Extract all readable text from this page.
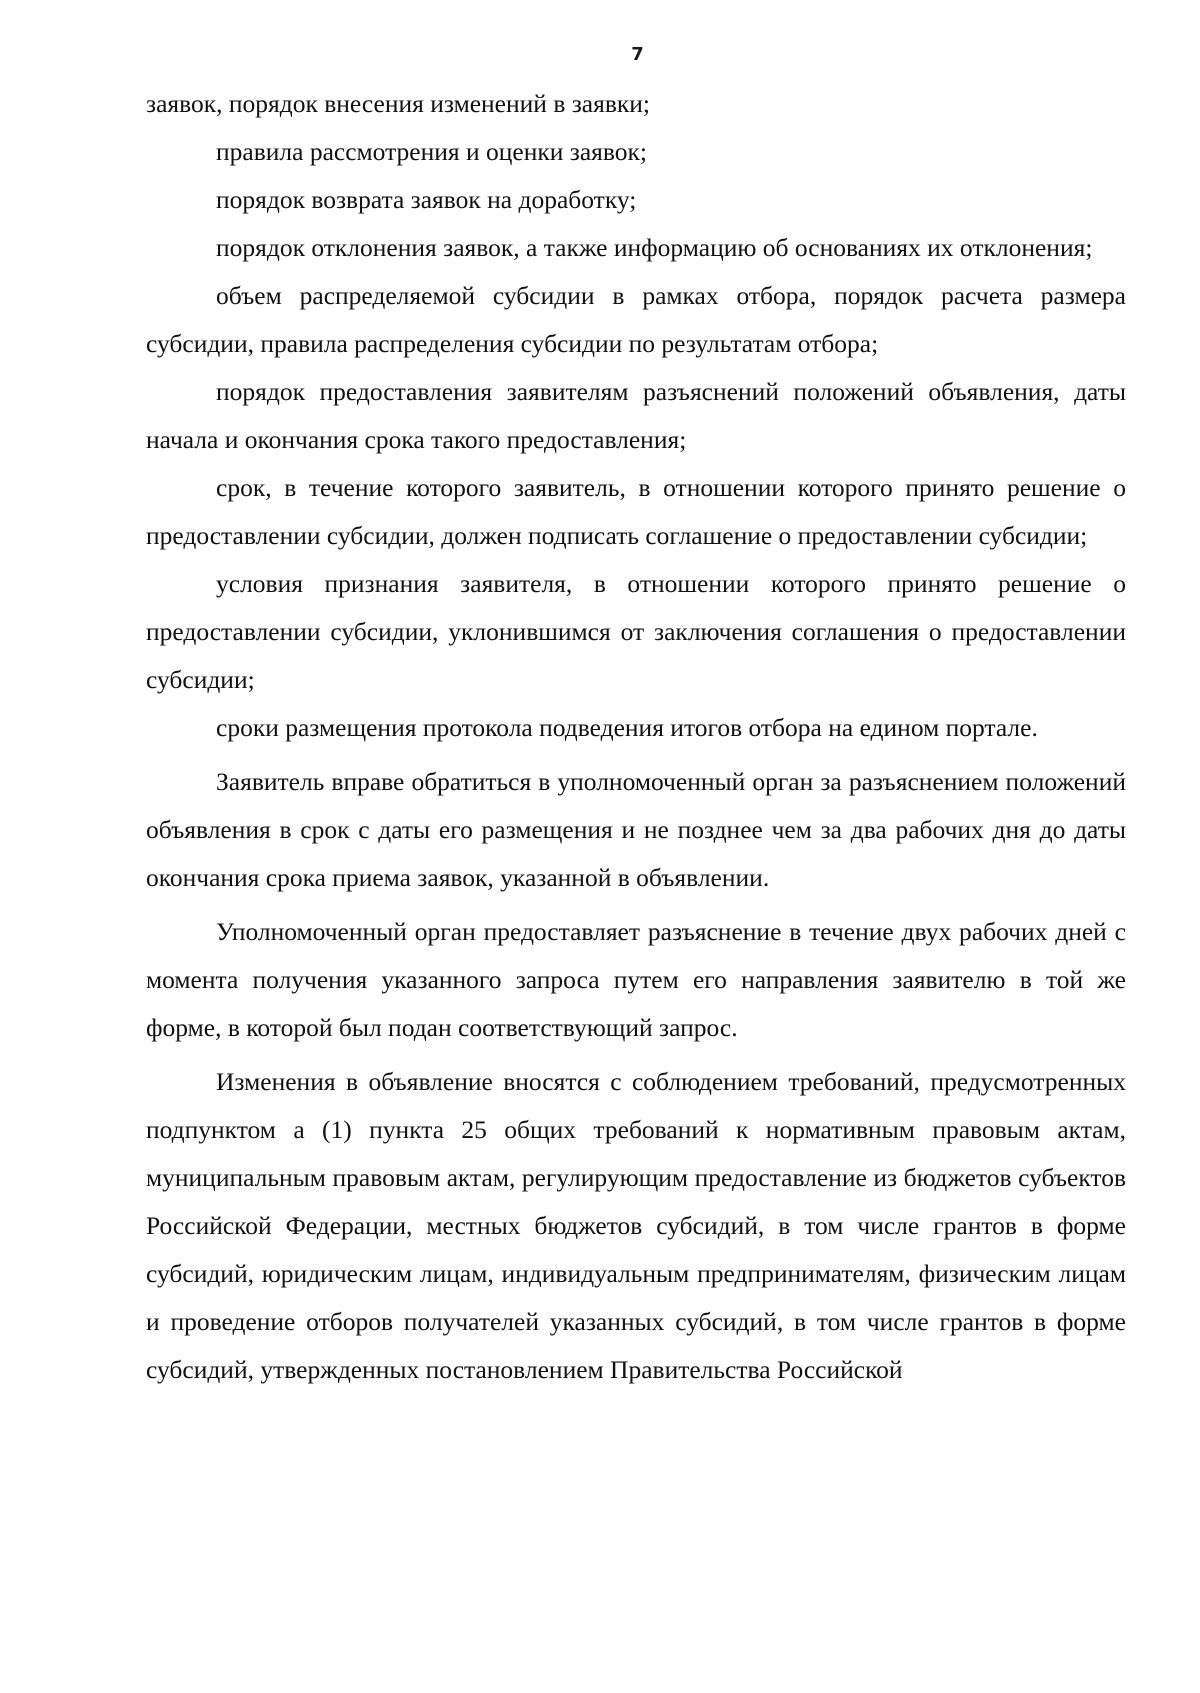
7

заявок, порядок внесения изменений в заявки;

правила рассмотрения и оценки заявок;

порядок возврата заявок на доработку;

порядок отклонения заявок, а также информацию об основаниях их отклонения;

объем распределяемой субсидии в рамках отбора, порядок расчета размера субсидии, правила распределения субсидии по результатам отбора;

порядок предоставления заявителям разъяснений положений объявления, даты начала и окончания срока такого предоставления;

срок, в течение которого заявитель, в отношении которого принято решение о предоставлении субсидии, должен подписать соглашение о предоставлении субсидии;

условия признания заявителя, в отношении которого принято решение о предоставлении субсидии, уклонившимся от заключения соглашения о предоставлении субсидии;

сроки размещения протокола подведения итогов отбора на едином портале.

Заявитель вправе обратиться в уполномоченный орган за разъяснением положений объявления в срок с даты его размещения и не позднее чем за два рабочих дня до даты окончания срока приема заявок, указанной в объявлении.

Уполномоченный орган предоставляет разъяснение в течение двух рабочих дней с момента получения указанного запроса путем его направления заявителю в той же форме, в которой был подан соответствующий запрос.

Изменения в объявление вносятся с соблюдением требований, предусмотренных подпунктом а (1) пункта 25 общих требований к нормативным правовым актам, муниципальным правовым актам, регулирующим предоставление из бюджетов субъектов Российской Федерации, местных бюджетов субсидий, в том числе грантов в форме субсидий, юридическим лицам, индивидуальным предпринимателям, физическим лицам и проведение отборов получателей указанных субсидий, в том числе грантов в форме субсидий, утвержденных постановлением Правительства Российской
